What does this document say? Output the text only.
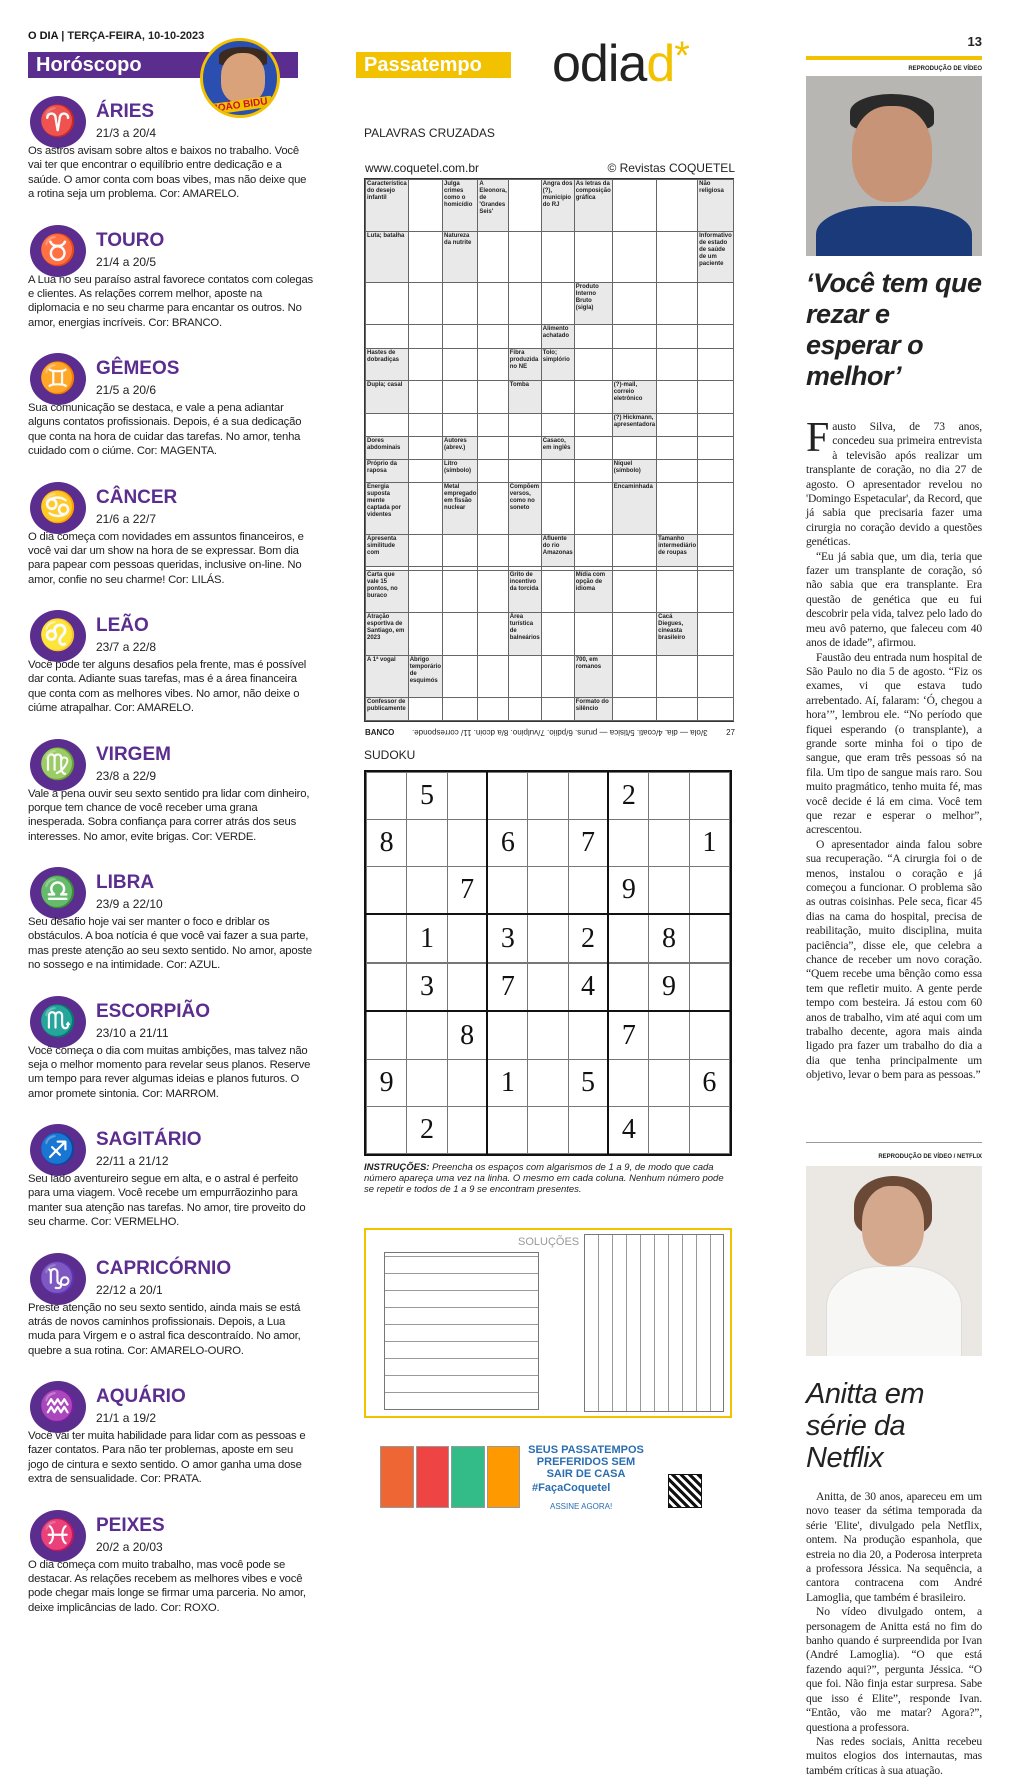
O DIA | TERÇA-FEIRA, 10-10-2023
Horóscopo
JOÃO BIDU
♈	ÁRIES
21/3 a 20/4
Os astros avisam sobre altos e baixos no trabalho. Você vai ter que encontrar o equilíbrio entre dedicação e a saúde. O amor conta com boas vibes, mas não deixe que a rotina seja um problema. Cor: AMARELO.
♉	TOURO
21/4 a 20/5
A Lua no seu paraíso astral favorece contatos com colegas e clientes. As relações correm melhor, aposte na diplomacia e no seu charme para encantar os outros. No amor, energias incríveis. Cor: BRANCO.
♊	GÊMEOS
21/5 a 20/6
Sua comunicação se destaca, e vale a pena adiantar alguns contatos profissionais. Depois, é a sua dedicação que conta na hora de cuidar das tarefas. No amor, tenha cuidado com o ciúme. Cor: MAGENTA.
♋	CÂNCER
21/6 a 22/7
O dia começa com novidades em assuntos financeiros, e você vai dar um show na hora de se expressar. Bom dia para papear com pessoas queridas, inclusive on-line. No amor, confie no seu charme! Cor: LILÁS.
♌	LEÃO
23/7 a 22/8
Você pode ter alguns desafios pela frente, mas é possível dar conta. Adiante suas tarefas, mas é a área financeira que conta com as melhores vibes. No amor, não deixe o ciúme atrapalhar. Cor: AMARELO.
♍	VIRGEM
23/8 a 22/9
Vale a pena ouvir seu sexto sentido pra lidar com dinheiro, porque tem chance de você receber uma grana inesperada. Sobra confiança para correr atrás dos seus interesses. No amor, evite brigas. Cor: VERDE.
♎	LIBRA
23/9 a 22/10
Seu desafio hoje vai ser manter o foco e driblar os obstáculos. A boa notícia é que você vai fazer a sua parte, mas preste atenção ao seu sexto sentido. No amor, aposte no sossego e na intimidade. Cor: AZUL.
♏	ESCORPIÃO
23/10 a 21/11
Você começa o dia com muitas ambições, mas talvez não seja o melhor momento para revelar seus planos. Reserve um tempo para rever algumas ideias e planos futuros. O amor promete sintonia. Cor: MARROM.
♐	SAGITÁRIO
22/11 a 21/12
Seu lado aventureiro segue em alta, e o astral é perfeito para uma viagem. Você recebe um empurrãozinho para manter sua atenção nas tarefas. No amor, tire proveito do seu charme. Cor: VERMELHO.
♑	CAPRICÓRNIO
22/12 a 20/1
Preste atenção no seu sexto sentido, ainda mais se está atrás de novos caminhos profissionais. Depois, a Lua muda para Virgem e o astral fica descontraído. No amor, quebre a sua rotina. Cor: AMARELO-OURO.
♒	AQUÁRIO
21/1 a 19/2
Você vai ter muita habilidade para lidar com as pessoas e fazer contatos. Para não ter problemas, aposte em seu jogo de cintura e sexto sentido. O amor ganha uma dose extra de sensualidade. Cor: PRATA.
♓	PEIXES
20/2 a 20/03
O dia começa com muito trabalho, mas você pode se destacar. As relações recebem as melhores vibes e você pode chegar mais longe se firmar uma parceria. No amor, deixe implicâncias de lado. Cor: ROXO.
Passatempo	odiad*
PALAVRAS CRUZADAS
www.coquetel.com.br	© Revistas COQUETEL
Característica do desejo infantil		Julga crimes como o homicídio	A Eleonora, de 'Grandes Seis'		Angra dos (?), município do RJ	As letras da composição gráfica			Não religiosa
Luta; batalha		Natureza da nutrite							Informativo de estado de saúde de um paciente
						Produto Interno Bruto (sigla)			
					Alimento achatado				
Hastes de dobradiças				Fibra produzida no NE	Tolo; simplório				
Dupla; casal				Tomba			(?)-mail, correio eletrônico		
							(?) Hickmann, apresentadora		
Dores abdominais		Autores (abrev.)			Casaco, em inglês				
Próprio da raposa		Litro (símbolo)					Níquel (símbolo)		
Energia suposta mente captada por videntes		Metal empregado em fissão nuclear		Compõem versos, como no soneto			Encaminhada		
Apresenta similitude com					Afluente do rio Amazonas			Tamanho intermediário de roupas	

Carta que vale 15 pontos, no buraco				Grito de incentivo da torcida		Mídia com opção de idioma			
Atração esportiva de Santiago, em 2023				Área turística de balneários				Cacá Diegues, cineasta brasileiro	
A 1ª vogal	Abrigo temporário de esquimós					700, em romanos			
Confessor de publicamente						Formato do silêncio			
BANCO 3/ola — dia. 4/coati. 5/tisica — pruns. 6/pdiio. 7/vulpino. 8/a dcoin. 11/ corresponde. 27
SUDOKU
	5					2		
8			6		7			1
		7				9		
	1		3		2		8	

	3		7		4		9	
		8				7		
9			1		5			6
	2					4		
INSTRUÇÕES: Preencha os espaços com algarismos de 1 a 9, de modo que cada número apareça uma vez na linha. O mesmo em cada coluna. Nenhum número pode se repetir e todos de 1 a 9 se encontram presentes.
SOLUÇÕES
SEUS PASSATEMPOS PREFERIDOS SEM SAIR DE CASA
#FaçaCoquetel
ASSINE AGORA!
13
REPRODUÇÃO DE VÍDEO
‘Você tem que rezar e esperar o melhor’
F austo Silva, de 73 anos, concedeu sua primeira entrevista à televisão após realizar um transplante de coração, no dia 27 de agosto. O apresentador revelou no 'Domingo Espetacular', da Record, que já sabia que precisaria fazer uma cirurgia no coração devido a questões genéticas.

“Eu já sabia que, um dia, teria que fazer um transplante de coração, só não sabia que era transplante. Era questão de genética que eu fui descobrir pela vida, talvez pelo lado do meu avô paterno, que faleceu com 40 anos de idade”, afirmou.

Faustão deu entrada num hospital de São Paulo no dia 5 de agosto. “Fiz os exames, vi que estava tudo arrebentado. Aí, falaram: ‘Ó, chegou a hora’”, lembrou ele. “No período que fiquei esperando (o transplante), a grande sorte minha foi o tipo de sangue, que eram três pessoas só na fila. Um tipo de sangue mais raro. Sou muito pragmático, tenho muita fé, mas você decide é lá em cima. Você tem que rezar e esperar o melhor”, acrescentou.

O apresentador ainda falou sobre sua recuperação. “A cirurgia foi o de menos, instalou o coração e já começou a funcionar. O problema são as outras coisinhas. Pele seca, ficar 45 dias na cama do hospital, precisa de reabilitação, muito disciplina, muita paciência”, disse ele, que celebra a chance de receber um novo coração. “Quem recebe uma bênção como essa tem que refletir muito. A gente perde tempo com besteira. Já estou com 60 anos de trabalho, vim até aqui com um trabalho decente, agora mais ainda ligado pra fazer um trabalho do dia a dia que tenha principalmente um objetivo, levar o bem para as pessoas.”

REPRODUÇÃO DE VÍDEO / NETFLIX
Anitta em série da Netflix

Anitta, de 30 anos, apareceu em um novo teaser da sétima temporada da série 'Elite', divulgado pela Netflix, ontem. Na produção espanhola, que estreia no dia 20, a Poderosa interpreta a professora Jéssica. Na sequência, a cantora contracena com André Lamoglia, que também é brasileiro.

No vídeo divulgado ontem, a personagem de Anitta está no fim do banho quando é surpreendida por Ivan (André Lamoglia). “O que está fazendo aqui?”, pergunta Jéssica. “O que foi. Não finja estar surpresa. Sabe que isso é Elite”, responde Ivan. “Então, vão me matar? Agora?”, questiona a professora.

Nas redes sociais, Anitta recebeu muitos elogios dos internautas, mas também críticas à sua atuação.
